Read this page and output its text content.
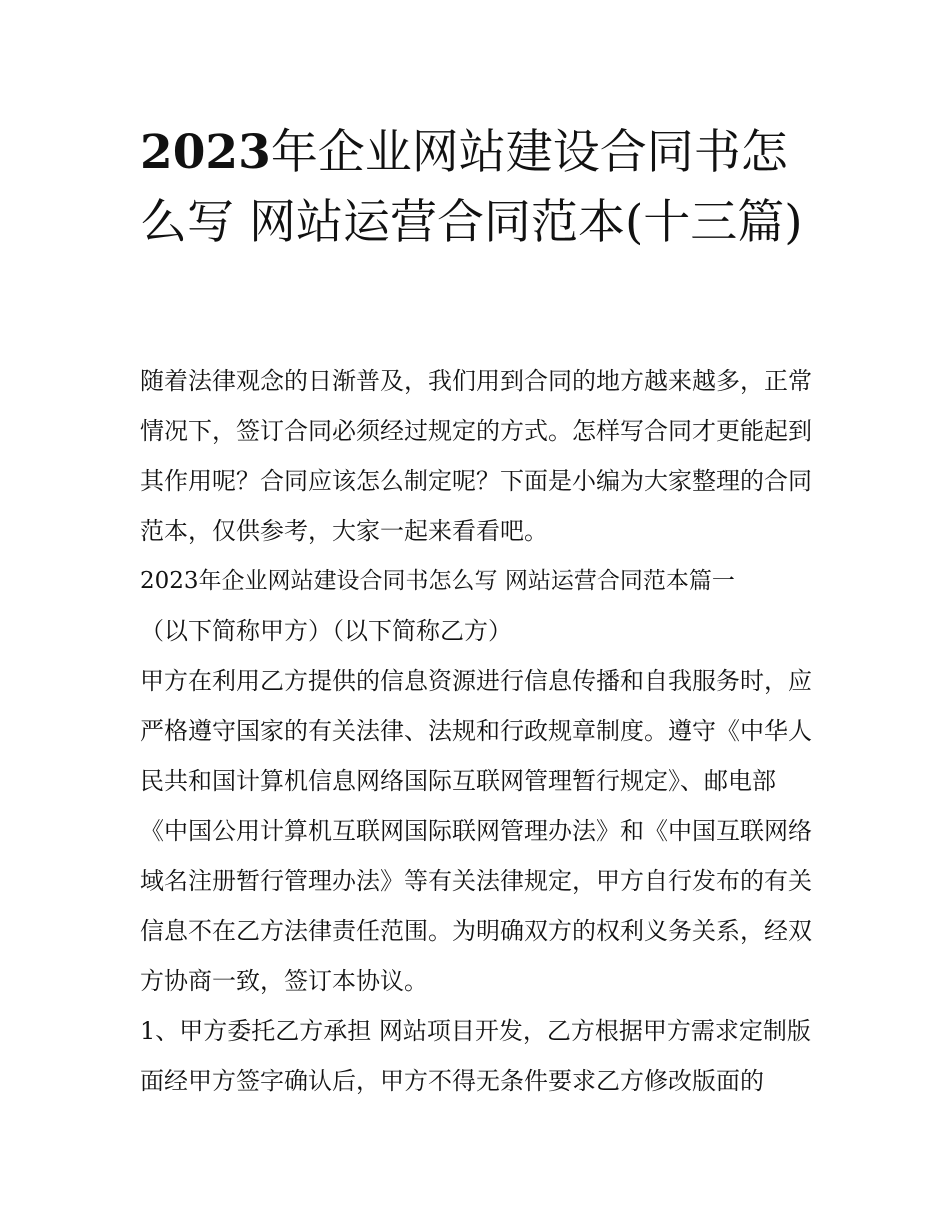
2023年企业网站建设合同书怎么写 网站运营合同范本(十三篇)

随着法律观念的日渐普及，我们用到合同的地方越来越多，正常情况下，签订合同必须经过规定的方式。怎样写合同才更能起到其作用呢？合同应该怎么制定呢？下面是小编为大家整理的合同范本，仅供参考，大家一起来看看吧。

2023年企业网站建设合同书怎么写 网站运营合同范本篇一

（以下简称甲方）（以下简称乙方）

甲方在利用乙方提供的信息资源进行信息传播和自我服务时，应严格遵守国家的有关法律、法规和行政规章制度。遵守《中华人民共和国计算机信息网络国际互联网管理暂行规定》、邮电部《中国公用计算机互联网国际联网管理办法》和《中国互联网络域名注册暂行管理办法》等有关法律规定，甲方自行发布的有关信息不在乙方法律责任范围。为明确双方的权利义务关系，经双方协商一致，签订本协议。

1、甲方委托乙方承担 网站项目开发，乙方根据甲方需求定制版面经甲方签字确认后，甲方不得无条件要求乙方修改版面的
